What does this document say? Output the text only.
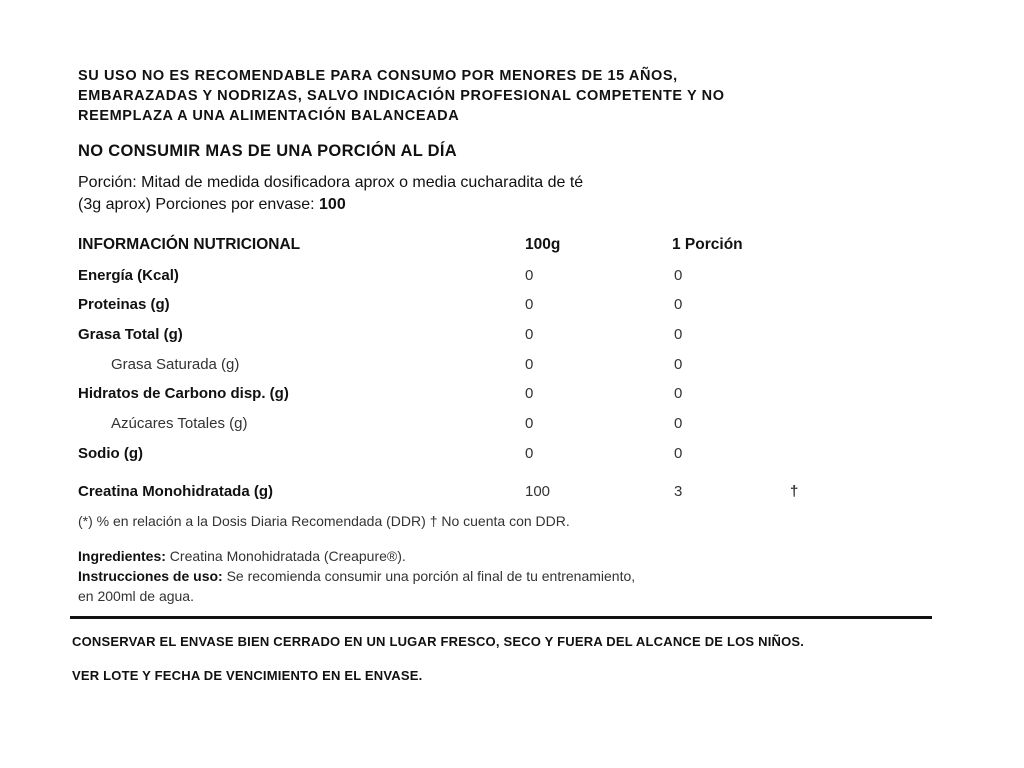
SU USO NO ES RECOMENDABLE PARA CONSUMO POR MENORES DE 15 AÑOS,
EMBARAZADAS Y NODRIZAS, SALVO INDICACIÓN PROFESIONAL COMPETENTE Y NO
REEMPLAZA A UNA ALIMENTACIÓN BALANCEADA
NO CONSUMIR MAS DE UNA PORCIÓN AL DÍA
Porción: Mitad de medida dosificadora aprox o media cucharadita de té
(3g aprox) Porciones por envase: 100
INFORMACIÓN NUTRICIONAL	100g	1 Porción
Energía (Kcal)	0	0
Proteinas (g)	0	0
Grasa Total (g)	0	0
Grasa Saturada (g)	0	0
Hidratos de Carbono disp. (g)	0	0
Azúcares Totales (g)	0	0
Sodio (g)	0	0
Creatina Monohidratada (g)	100	3	†
(*) % en relación a la Dosis Diaria Recomendada (DDR) † No cuenta con DDR.
Ingredientes: Creatina Monohidratada (Creapure®).
Instrucciones de uso: Se recomienda consumir una porción al final de tu entrenamiento,
en 200ml de agua.
CONSERVAR EL ENVASE BIEN CERRADO EN UN LUGAR FRESCO, SECO Y FUERA DEL ALCANCE DE LOS NIÑOS.
VER LOTE Y FECHA DE VENCIMIENTO EN EL ENVASE.
